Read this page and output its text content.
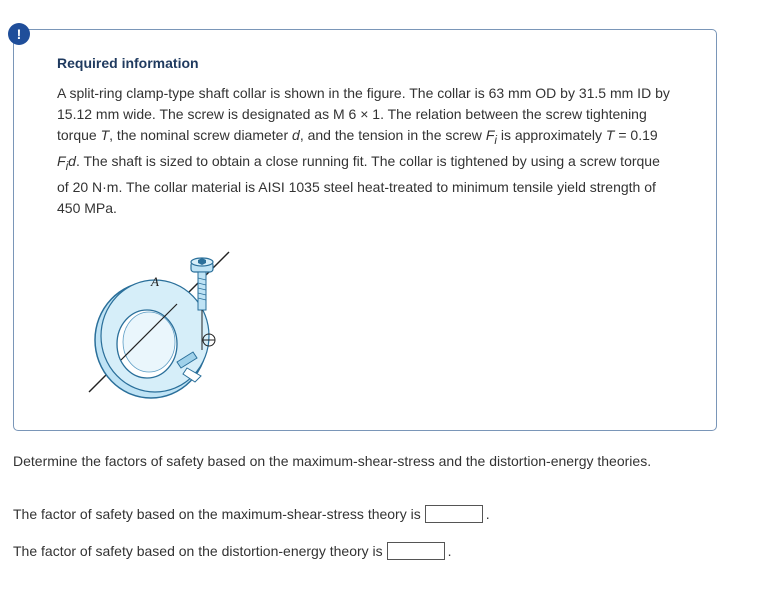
Required information
A split-ring clamp-type shaft collar is shown in the figure. The collar is 63 mm OD by 31.5 mm ID by 15.12 mm wide. The screw is designated as M 6 × 1. The relation between the screw tightening torque T, the nominal screw diameter d, and the tension in the screw $F_i$ is approximately T = 0.19 $F_id$. The shaft is sized to obtain a close running fit. The collar is tightened by using a screw torque of 20 N·m. The collar material is AISI 1035 steel heat-treated to minimum tensile yield strength of 450 MPa.
A
!
Determine the factors of safety based on the maximum-shear-stress and the distortion-energy theories.
The factor of safety based on the maximum-shear-stress theory is	.
The factor of safety based on the distortion-energy theory is	.
